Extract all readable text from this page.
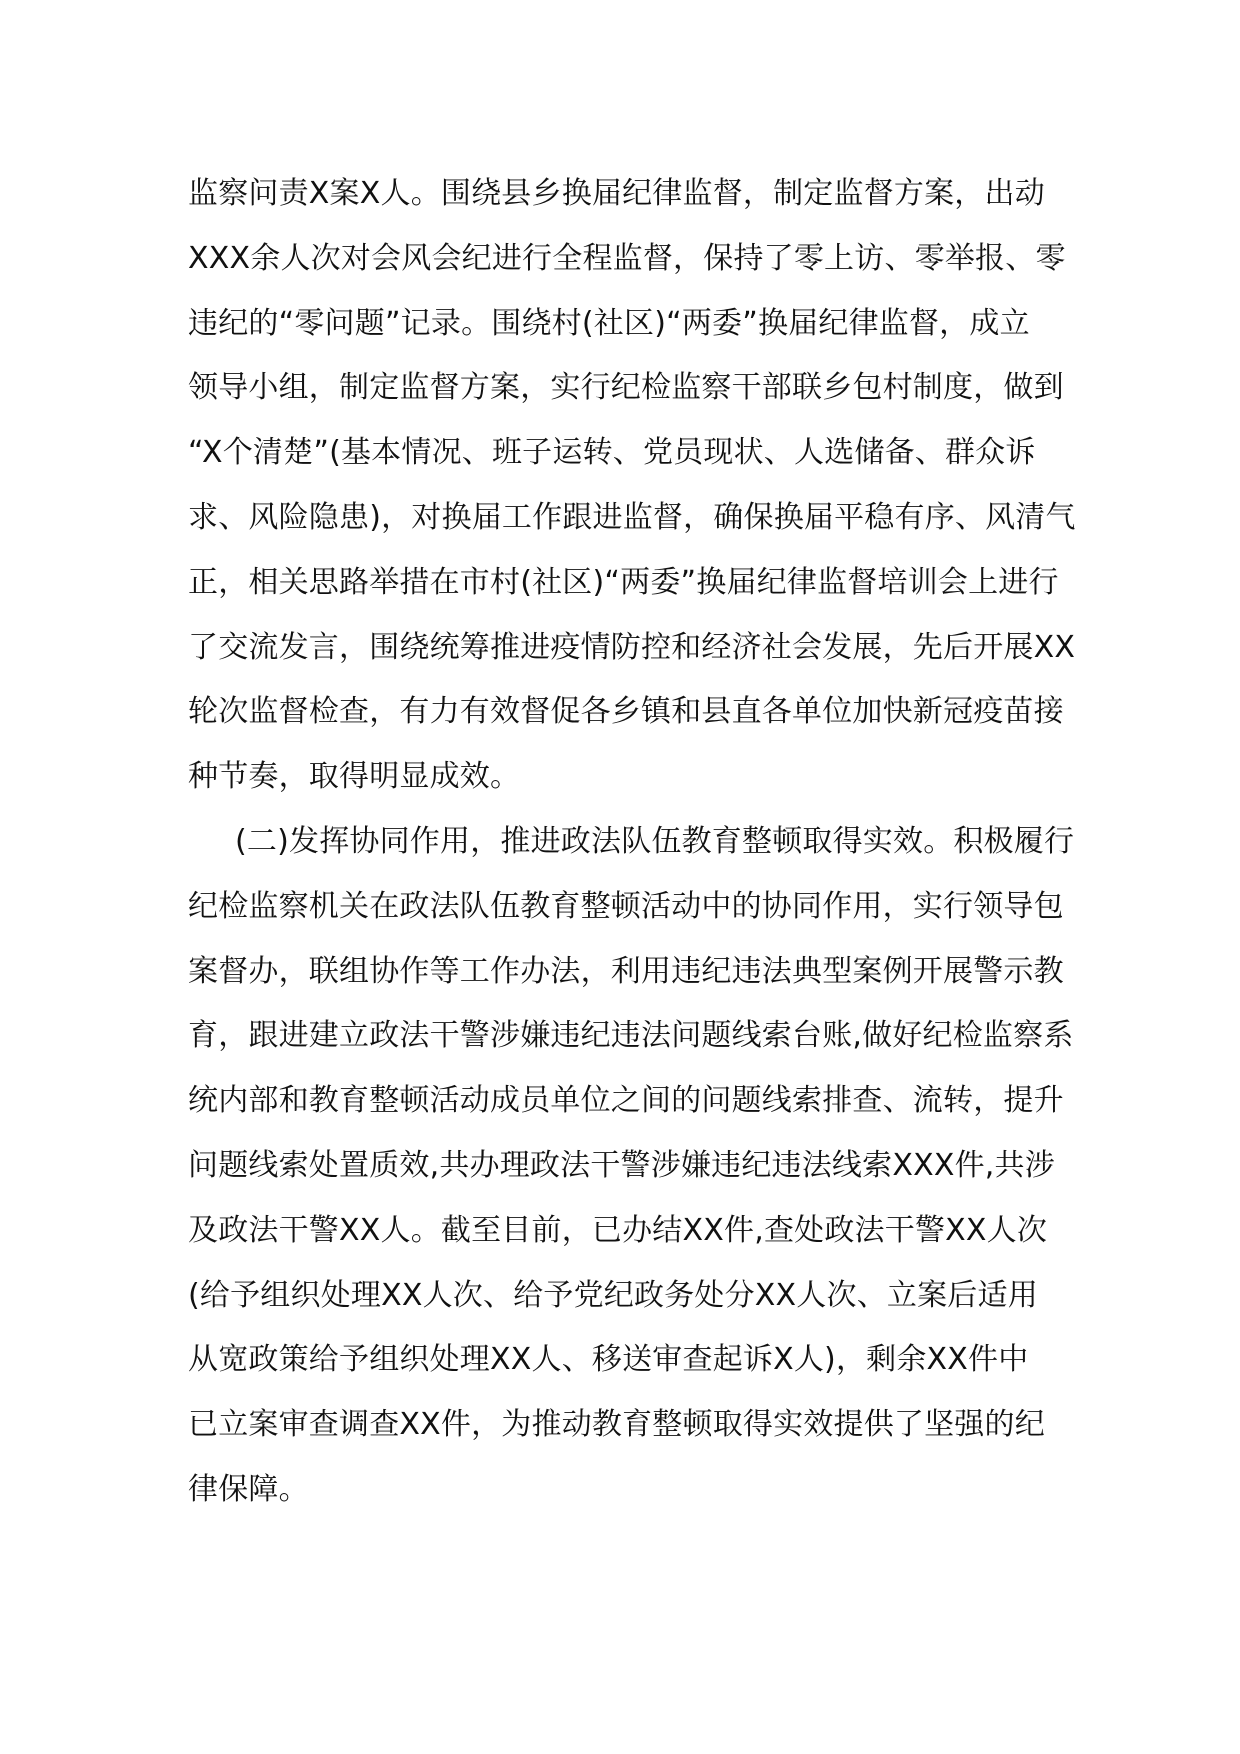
监察问责X案X人。围绕县乡换届纪律监督，制定监督方案，出动
XXX余人次对会风会纪进行全程监督，保持了零上访、零举报、零
违纪的“零问题”记录。围绕村(社区)“两委”换届纪律监督，成立
领导小组，制定监督方案，实行纪检监察干部联乡包村制度，做到
“X个清楚”(基本情况、班子运转、党员现状、人选储备、群众诉
求、风险隐患)，对换届工作跟进监督，确保换届平稳有序、风清气
正，相关思路举措在市村(社区)“两委”换届纪律监督培训会上进行
了交流发言，围绕统筹推进疫情防控和经济社会发展，先后开展XX
轮次监督检查，有力有效督促各乡镇和县直各单位加快新冠疫苗接
种节奏，取得明显成效。
(二)发挥协同作用，推进政法队伍教育整顿取得实效。积极履行
纪检监察机关在政法队伍教育整顿活动中的协同作用，实行领导包
案督办，联组协作等工作办法，利用违纪违法典型案例开展警示教
育，跟进建立政法干警涉嫌违纪违法问题线索台账,做好纪检监察系
统内部和教育整顿活动成员单位之间的问题线索排查、流转，提升
问题线索处置质效,共办理政法干警涉嫌违纪违法线索XXX件,共涉
及政法干警XX人。截至目前，已办结XX件,查处政法干警XX人次
(给予组织处理XX人次、给予党纪政务处分XX人次、立案后适用
从宽政策给予组织处理XX人、移送审查起诉X人)，剩余XX件中
已立案审查调查XX件，为推动教育整顿取得实效提供了坚强的纪
律保障。
